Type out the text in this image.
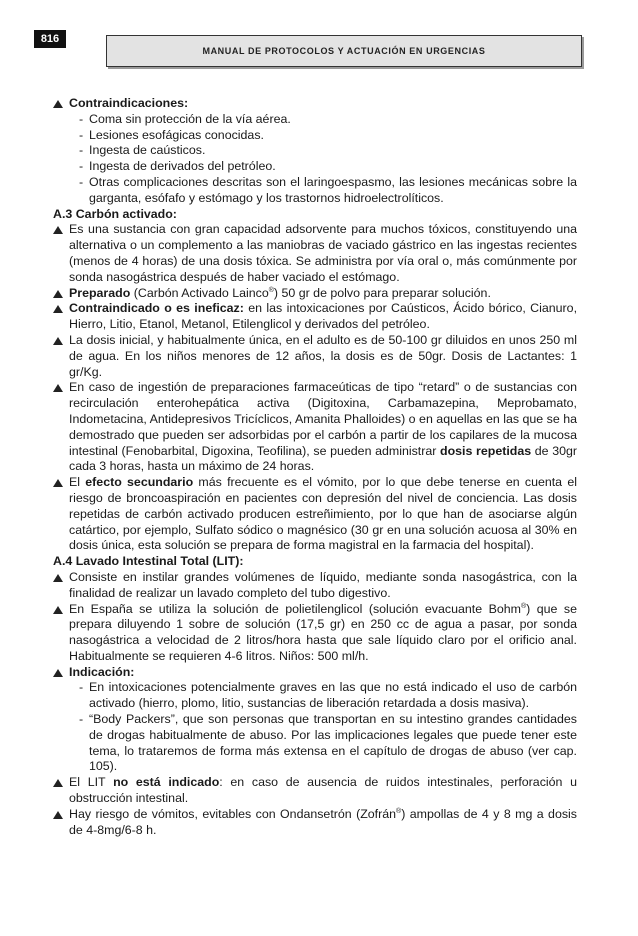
816
MANUAL DE PROTOCOLOS Y ACTUACIÓN EN URGENCIAS
Contraindicaciones:
- Coma sin protección de la vía aérea.
- Lesiones esofágicas conocidas.
- Ingesta de caústicos.
- Ingesta de derivados del petróleo.
- Otras complicaciones descritas son el laringoespasmo, las lesiones mecánicas sobre la garganta, esófafo y estómago y los trastornos hidroelectrolíticos.
A.3 Carbón activado:
Es una sustancia con gran capacidad adsorvente para muchos tóxicos, constituyendo una alternativa o un complemento a las maniobras de vaciado gástrico en las ingestas recientes (menos de 4 horas) de una dosis tóxica. Se administra por vía oral o, más comúnmente por sonda nasogástrica después de haber vaciado el estómago.
Preparado (Carbón Activado Lainco®) 50 gr de polvo para preparar solución.
Contraindicado o es ineficaz: en las intoxicaciones por Caústicos, Ácido bórico, Cianuro, Hierro, Litio, Etanol, Metanol, Etilenglicol y derivados del petróleo.
La dosis inicial, y habitualmente única, en el adulto es de 50-100 gr diluidos en unos 250 ml de agua. En los niños menores de 12 años, la dosis es de 50gr. Dosis de Lactantes: 1 gr/Kg.
En caso de ingestión de preparaciones farmaceúticas de tipo “retard” o de sustancias con recirculación enterohepática activa (Digitoxina, Carbamazepina, Meprobamato, Indometacina, Antidepresivos Tricíclicos, Amanita Phalloides) o en aquellas en las que se ha demostrado que pueden ser adsorbidas por el carbón a partir de los capilares de la mucosa intestinal (Fenobarbital, Digoxina, Teofilina), se pueden administrar dosis repetidas de 30gr cada 3 horas, hasta un máximo de 24 horas.
El efecto secundario más frecuente es el vómito, por lo que debe tenerse en cuenta el riesgo de broncoaspiración en pacientes con depresión del nivel de conciencia. Las dosis repetidas de carbón activado producen estreñimiento, por lo que han de asociarse algún catártico, por ejemplo, Sulfato sódico o magnésico (30 gr en una solución acuosa al 30% en dosis única, esta solución se prepara de forma magistral en la farmacia del hospital).
A.4 Lavado Intestinal Total (LIT):
Consiste en instilar grandes volúmenes de líquido, mediante sonda nasogástrica, con la finalidad de realizar un lavado completo del tubo digestivo.
En España se utiliza la solución de polietilenglicol (solución evacuante Bohm®) que se prepara diluyendo 1 sobre de solución (17,5 gr) en 250 cc de agua a pasar, por sonda nasogástrica a velocidad de 2 litros/hora hasta que sale líquido claro por el orificio anal. Habitualmente se requieren 4-6 litros. Niños: 500 ml/h.
Indicación:
- En intoxicaciones potencialmente graves en las que no está indicado el uso de carbón activado (hierro, plomo, litio, sustancias de liberación retardada a dosis masiva).
- “Body Packers”, que son personas que transportan en su intestino grandes cantidades de drogas habitualmente de abuso. Por las implicaciones legales que puede tener este tema, lo trataremos de forma más extensa en el capítulo de drogas de abuso (ver cap. 105).
El LIT no está indicado: en caso de ausencia de ruidos intestinales, perforación u obstrucción intestinal.
Hay riesgo de vómitos, evitables con Ondansetrón (Zofrán®) ampollas de 4 y 8 mg a dosis de 4-8mg/6-8 h.
